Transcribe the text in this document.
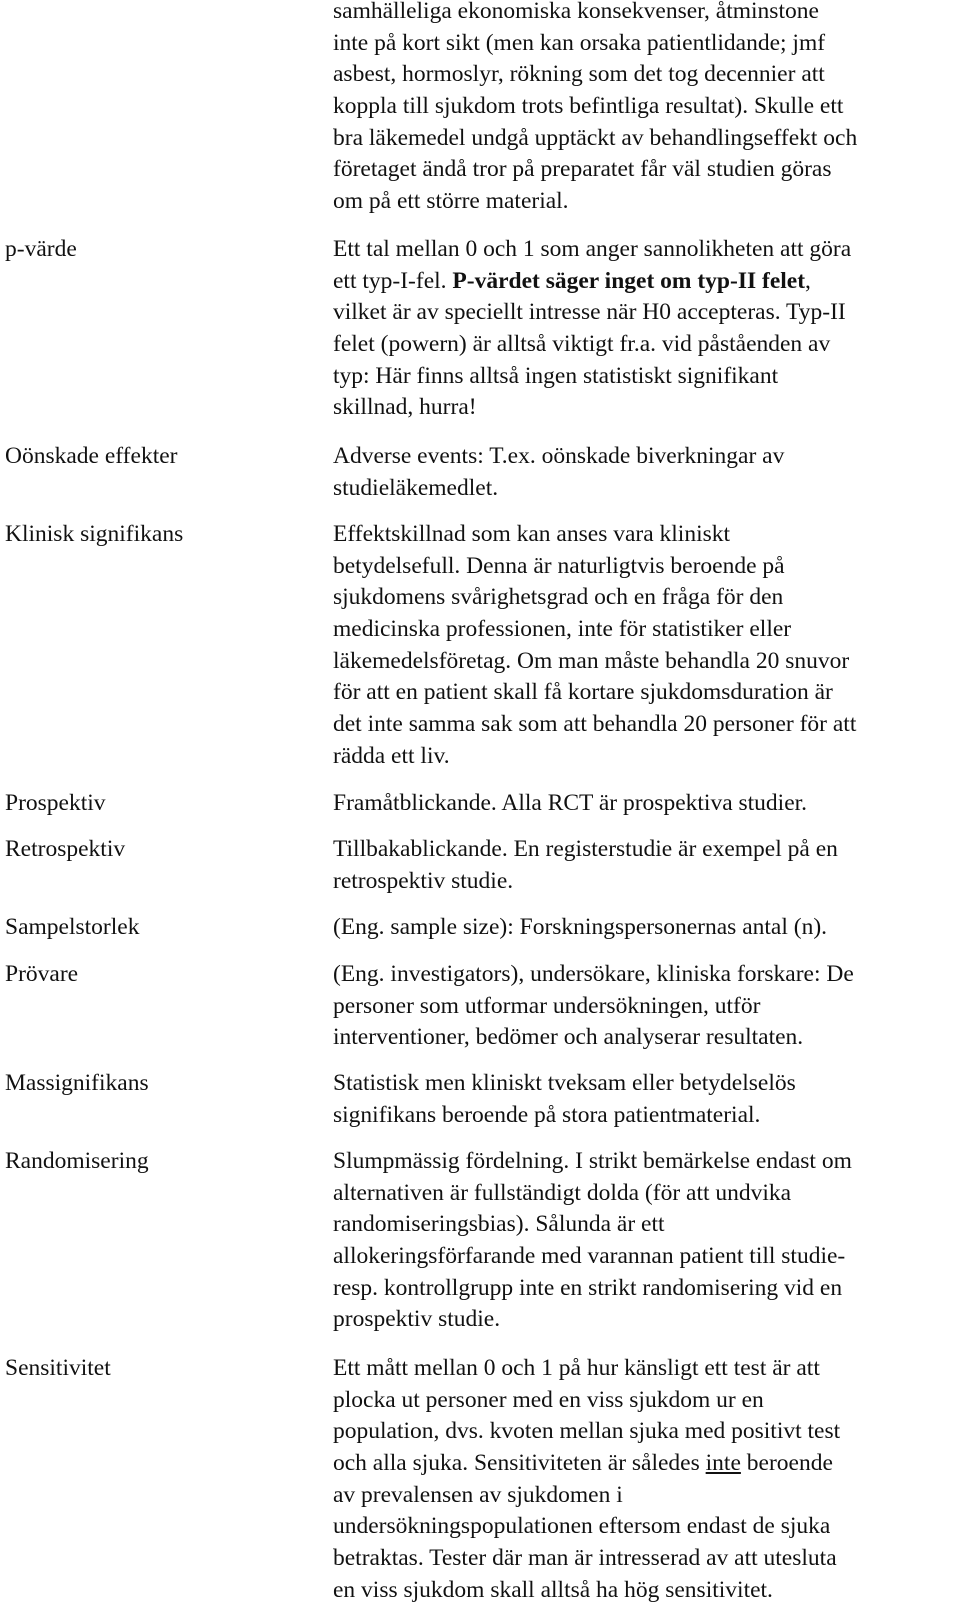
samhälleliga ekonomiska konsekvenser, åtminstone
inte på kort sikt (men kan orsaka patientlidande; jmf
asbest, hormoslyr, rökning som det tog decennier att
koppla till sjukdom trots befintliga resultat). Skulle ett
bra läkemedel undgå upptäckt av behandlingseffekt och
företaget ändå tror på preparatet får väl studien göras
om på ett större material.
p-värde	Ett tal mellan 0 och 1 som anger sannolikheten att göra
ett typ-I-fel. P-värdet säger inget om typ-II felet,
vilket är av speciellt intresse när H0 accepteras. Typ-II
felet (powern) är alltså viktigt fr.a. vid påståenden av
typ: Här finns alltså ingen statistiskt signifikant
skillnad, hurra!
Oönskade effekter	Adverse events: T.ex. oönskade biverkningar av
studieläkemedlet.
Klinisk signifikans	Effektskillnad som kan anses vara kliniskt
betydelsefull. Denna är naturligtvis beroende på
sjukdomens svårighetsgrad och en fråga för den
medicinska professionen, inte för statistiker eller
läkemedelsföretag. Om man måste behandla 20 snuvor
för att en patient skall få kortare sjukdomsduration är
det inte samma sak som att behandla 20 personer för att
rädda ett liv.
Prospektiv	Framåtblickande. Alla RCT är prospektiva studier.
Retrospektiv	Tillbakablickande. En registerstudie är exempel på en
retrospektiv studie.
Sampelstorlek	(Eng. sample size): Forskningspersonernas antal (n).
Prövare	(Eng. investigators), undersökare, kliniska forskare: De
personer som utformar undersökningen, utför
interventioner, bedömer och analyserar resultaten.
Massignifikans	Statistisk men kliniskt tveksam eller betydelselös
signifikans beroende på stora patientmaterial.
Randomisering	Slumpmässig fördelning. I strikt bemärkelse endast om
alternativen är fullständigt dolda (för att undvika
randomiseringsbias). Sålunda är ett
allokeringsförfarande med varannan patient till studie-
resp. kontrollgrupp inte en strikt randomisering vid en
prospektiv studie.
Sensitivitet	Ett mått mellan 0 och 1 på hur känsligt ett test är att
plocka ut personer med en viss sjukdom ur en
population, dvs. kvoten mellan sjuka med positivt test
och alla sjuka. Sensitiviteten är således inte beroende
av prevalensen av sjukdomen i
undersökningspopulationen eftersom endast de sjuka
betraktas. Tester där man är intresserad av att utesluta
en viss sjukdom skall alltså ha hög sensitivitet.
